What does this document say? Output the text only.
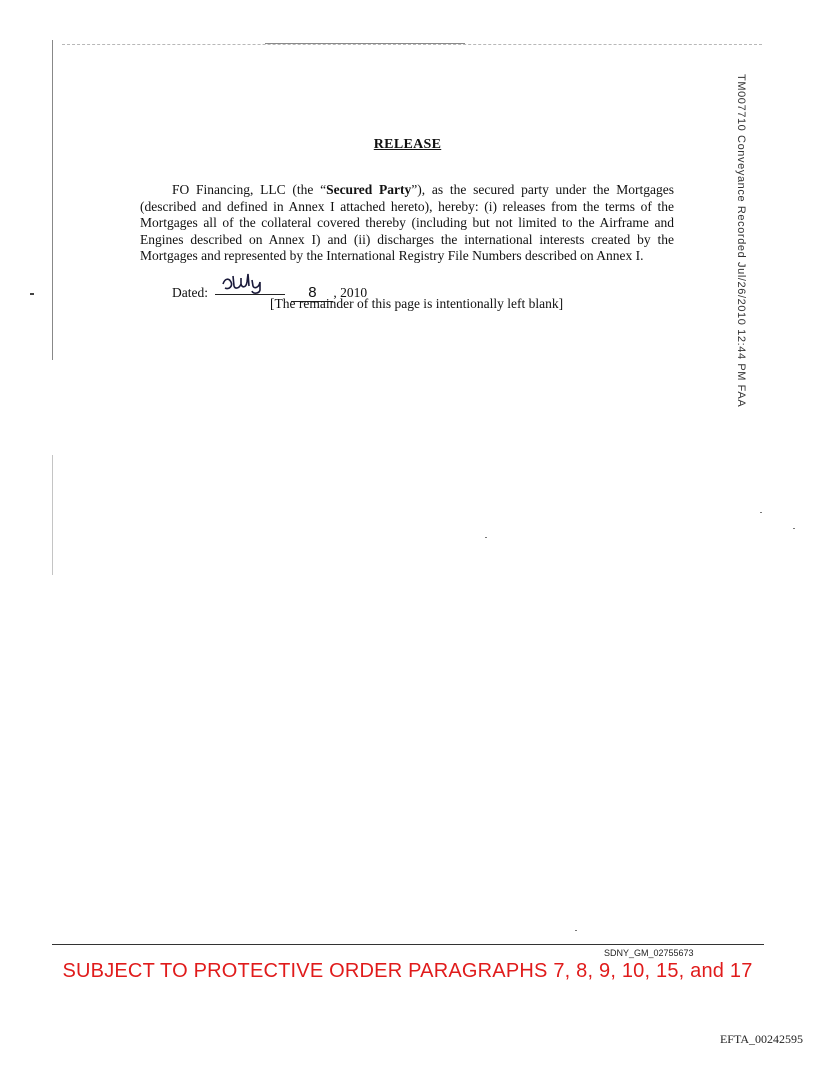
TM007710 Conveyance Recorded Jul/26/2010 12:44 PM FAA
RELEASE
FO Financing, LLC (the “Secured Party”), as the secured party under the Mortgages (described and defined in Annex I attached hereto), hereby: (i) releases from the terms of the Mortgages all of the collateral covered thereby (including but not limited to the Airframe and Engines described on Annex I) and (ii) discharges the international interests created by the Mortgages and represented by the International Registry File Numbers described on Annex I.
Dated:	8 , 2010
[The remainder of this page is intentionally left blank]
SDNY_GM_02755673
SUBJECT TO PROTECTIVE ORDER PARAGRAPHS 7, 8, 9, 10, 15, and 17
EFTA_00242595
